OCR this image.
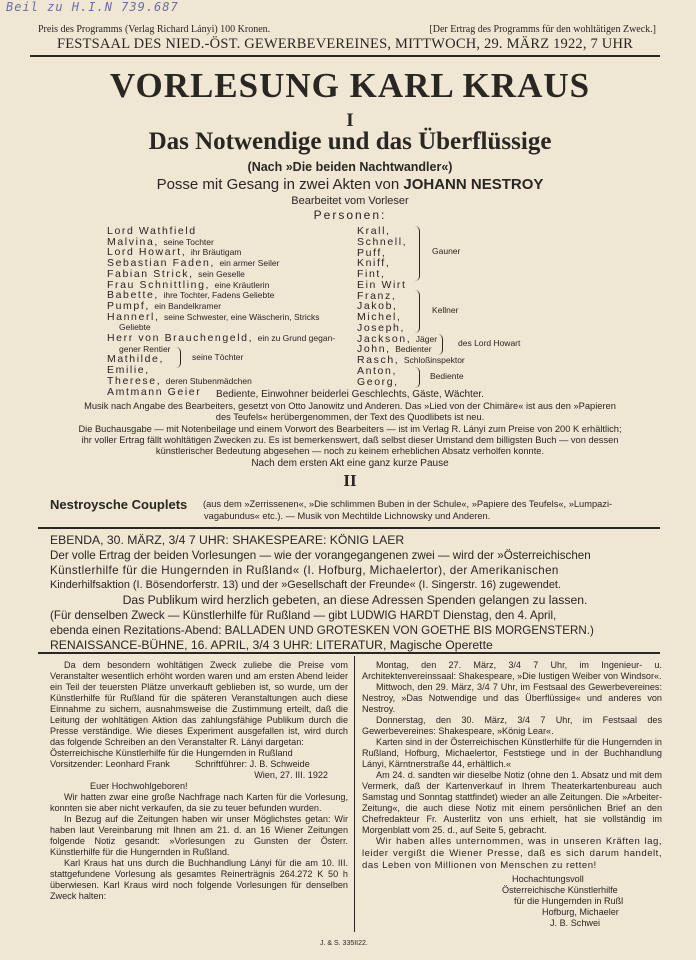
Beil zu H.I.N 739.687
Preis des Programms (Verlag Richard Lányi) 100 Kronen.	[Der Ertrag des Programms für den wohltätigen Zweck.]
FESTSAAL DES NIED.-ÖST. GEWERBEVEREINES, MITTWOCH, 29. MÄRZ 1922, 7 UHR
VORLESUNG KARL KRAUS
I
Das Notwendige und das Überflüssige
(Nach »Die beiden Nachtwandler«)
Posse mit Gesang in zwei Akten von JOHANN NESTROY
Bearbeitet vom Vorleser
Personen:
Lord Wathfield
Malvina, seine Tochter
Lord Howart, ihr Bräutigam
Sebastian Faden, ein armer Seiler
Fabian Strick, sein Geselle
Frau Schnittling, eine Kräutlerin
Babette, ihre Tochter, Fadens Geliebte
Pumpf, ein Bandelkramer
Hannerl, seine Schwester, eine Wäscherin, Stricks
Geliebte
Herr von Brauchengeld, ein zu Grund gegan-
gener Rentier
Mathilde,
Emilie,
Therese, deren Stubenmädchen
Amtmann Geier
seine Töchter
Krall,
Schnell,
Puff,
Kniff,
Fint,
Ein Wirt
Franz,
Jakob,
Michel,
Joseph,
Jackson, Jäger
John, Bedienter
Rasch, Schloßinspektor
Anton,
Georg,
Gauner
Kellner
des Lord Howart
Bediente
Bediente, Einwohner beiderlei Geschlechts, Gäste, Wächter.
Musik nach Angabe des Bearbeiters, gesetzt von Otto Janowitz und Anderen. Das »Lied von der Chimäre« ist aus den »Papieren
des Teufels« herübergenommen, der Text des Quodlibets ist neu.
Die Buchausgabe — mit Notenbeilage und einem Vorwort des Bearbeiters — ist im Verlag R. Lányi zum Preise von 200 K erhältlich;
ihr voller Ertrag fällt wohltätigen Zwecken zu. Es ist bemerkenswert, daß selbst dieser Umstand dem billigsten Buch — von dessen
künstlerischer Bedeutung abgesehen — noch zu keinem erheblichen Absatz verholfen konnte.
Nach dem ersten Akt eine ganz kurze Pause
II
Nestroysche Couplets (aus dem »Zerrissenen«, »Die schlimmen Buben in der Schule«, »Papiere des Teufels«, »Lumpazi-
vagabundus« etc.). — Musik von Mechtilde Lichnowsky und Anderen.
EBENDA, 30. MÄRZ, 3/4 7 UHR: SHAKESPEARE: KÖNIG LAER
Der volle Ertrag der beiden Vorlesungen — wie der vorangegangenen zwei — wird der »Österreichischen
Künstlerhilfe für die Hungernden in Rußland« (I. Hofburg, Michaelertor), der Amerikanischen
Kinderhilfsaktion (I. Bösendorferstr. 13) und der »Gesellschaft der Freunde« (I. Singerstr. 16) zugewendet.
Das Publikum wird herzlich gebeten, an diese Adressen Spenden gelangen zu lassen.
(Für denselben Zweck — Künstlerhilfe für Rußland — gibt LUDWIG HARDT Dienstag, den 4. April,
ebenda einen Rezitations-Abend: BALLADEN UND GROTESKEN VON GOETHE BIS MORGENSTERN.)
RENAISSANCE-BÜHNE, 16. APRIL, 3/4 3 UHR: LITERATUR, Magische Operette

Da dem besondern wohltätigen Zweck zuliebe die Preise vom Veranstalter wesentlich erhöht worden waren und am ersten Abend leider ein Teil der teuersten Plätze unverkauft geblieben ist, so wurde, um der Künstlerhilfe für Rußland für die späteren Veranstaltungen auch diese Einnahme zu sichern, ausnahmsweise die Zustimmung erteilt, daß die Leitung der wohltätigen Aktion das zahlungsfähige Publikum durch die Presse verständige. Wie dieses Experiment ausgefallen ist, wird durch das folgende Schreiben an den Veranstalter R. Lányi dargetan:

Österreichische Künstlerhilfe für die Hungernden in Rußland

Vorsitzender: Leonhard Frank          Schriftführer: J. B. Schweide

Wien, 27. III. 1922

Euer Hochwohlgeboren!

Wir hatten zwar eine große Nachfrage nach Karten für die Vorlesung, konnten sie aber nicht verkaufen, da sie zu teuer befunden wurden.

In Bezug auf die Zeitungen haben wir unser Möglichstes getan: Wir haben laut Vereinbarung mit Ihnen am 21. d. an 16 Wiener Zeitungen folgende Notiz gesandt: »Vorlesungen zu Gunsten der Österr. Künstlerhilfe für die Hungernden in Rußland.

Karl Kraus hat uns durch die Buchhandlung Lányi für die am 10. III. stattgefundene Vorlesung als gesamtes Reinerträgnis 264.272 K 50 h überwiesen. Karl Kraus wird noch folgende Vorlesungen für denselben Zweck halten:

Montag, den 27. März, 3/4 7 Uhr, im Ingenieur- u. Architektenvereinssaal: Shakespeare, »Die lustigen Weiber von Windsor«.

Mittwoch, den 29. März, 3/4 7 Uhr, im Festsaal des Gewerbevereines: Nestroy, »Das Notwendige und das Überflüssige« und anderes von Nestroy.

Donnerstag, den 30. März, 3/4 7 Uhr, im Festsaal des Gewerbevereines: Shakespeare, »König Lear«.

Karten sind in der Österreichischen Künstlerhilfe für die Hungernden in Rußland, Hofburg, Michaelertor, Feststiege und in der Buchhandlung Lányi, Kärntnerstraße 44, erhältlich.«

Am 24. d. sandten wir dieselbe Notiz (ohne den 1. Absatz und mit dem Vermerk, daß der Kartenverkauf in Ihrem Theaterkartenbureau auch Samstag und Sonntag stattfindet) wieder an alle Zeitungen. Die »Arbeiter-Zeitung«, die auch diese Notiz mit einem persönlichen Brief an den Chefredakteur Fr. Austerlitz von uns erhielt, hat sie vollständig im Morgenblatt vom 25. d., auf Seite 5, gebracht.

Wir haben alles unternommen, was in unseren Kräften lag, leider vergißt die Wiener Presse, daß es sich darum handelt, das Leben von Millionen von Menschen zu retten!

Hochachtungsvoll

Österreichische Künstlerhilfe

für die Hungernden in Rußl

Hofburg, Michaeler

J. B. Schwei

J. & S. 335II22.
